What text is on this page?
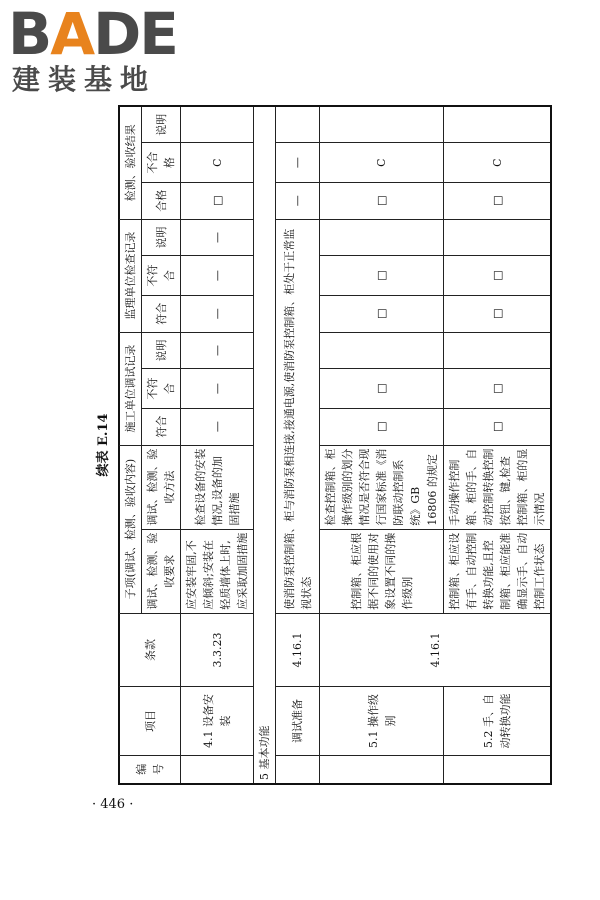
BADE
建装基地
续表 E.14
编号	项目	条款	子项(调试、检测、验收内容)		施工单位调试记录			监理单位检查记录			检测、验收结果		

			调试、检测、验收要求	调试、检测、验收方法	符合	不符合	说明	符合	不符合	说明	合格	不合格	说明
	4.1 设备安装	3.3.23	应安装牢固,不应倾斜;安装在轻质墙体上时,应采取加固措施	检查设备的安装情况,设备的加固措施	—	—	—	—	—	—	□	C	
5 基本功能													
	调试准备	4.16.1	使消防泵控制箱、柜与消防泵相连接,接通电源,使消防泵控制箱、柜处于正常监视状态								—	—	
	5.1 操作级别	4.16.1	控制箱、柜应根据不同的使用对象设置不同的操作级别	检查控制箱、柜操作级别的划分情况是否符合现行国家标准《消防联动控制系统》GB 16806 的规定	□	□		□	□		□	C	
	5.2 手、自动转换功能		控制箱、柜应设有手、自动控制转换功能,且控制箱、柜应能准确显示手、自动控制工作状态	手动操作控制箱、柜的手、自动控制转换控制按钮、键,检查控制箱、柜的显示情况	□	□		□	□		□	C	
· 446 ·
